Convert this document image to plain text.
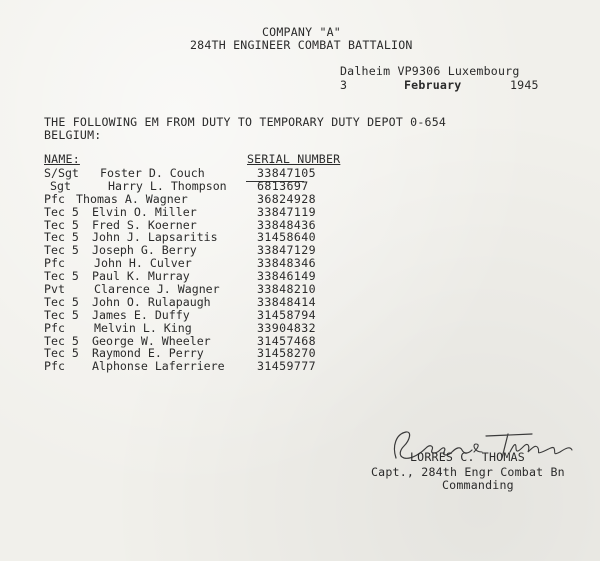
COMPANY "A"
284TH ENGINEER COMBAT BATTALION
Dalheim VP9306 Luxembourg
3	February	1945
THE FOLLOWING EM FROM DUTY TO TEMPORARY DUTY DEPOT 0-654
BELGIUM:
NAME:	SERIAL NUMBER
S/Sgt Foster D. Couch	33847105
Sgt	Harry L. Thompson	6813697
Pfc Thomas A. Wagner	36824928
Tec 5 Elvin O. Miller	33847119
Tec 5 Fred S. Koerner	33848436
Tec 5 John J. Lapsaritis	31458640
Tec 5 Joseph G. Berry	33847129
Pfc	John H. Culver	33848346
Tec 5 Paul K. Murray	33846149
Pvt	Clarence J. Wagner	33848210
Tec 5 John O. Rulapaugh	33848414
Tec 5 James E. Duffy	31458794
Pfc	Melvin L. King	33904832
Tec 5 George W. Wheeler	31457468
Tec 5 Raymond E. Perry	31458270
Pfc Alphonse Laferriere	31459777
LORRES C. THOMAS
Capt., 284th Engr Combat Bn
Commanding
